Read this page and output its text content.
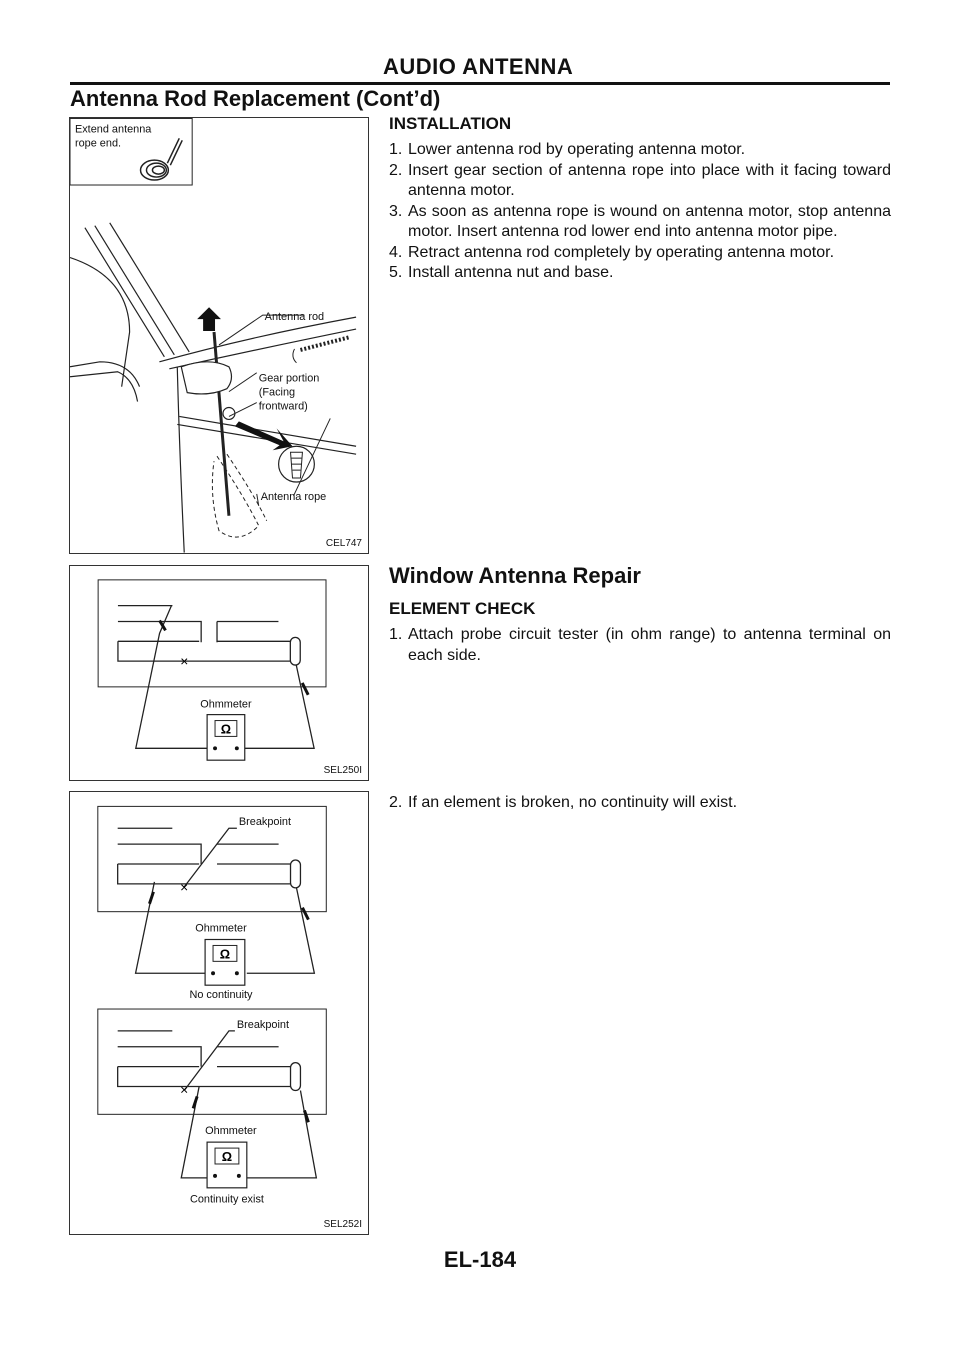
AUDIO ANTENNA
Antenna Rod Replacement (Cont’d)
Extend antenna
rope end.
Antenna rod
Gear portion
(Facing
frontward)
Antenna rope
CEL747
×
Ohmmeter
Ω
SEL250I
×
Breakpoint
Ohmmeter
Ω
No continuity
×
Breakpoint
Ohmmeter
Ω
Continuity exist
SEL252I
INSTALLATION
1. Lower antenna rod by operating antenna motor.
2. Insert gear section of antenna rope into place with it facing toward antenna motor.
3. As soon as antenna rope is wound on antenna motor, stop antenna motor. Insert antenna rod lower end into antenna motor pipe.
4. Retract antenna rod completely by operating antenna motor.
5. Install antenna nut and base.
Window Antenna Repair
ELEMENT CHECK
1. Attach probe circuit tester (in ohm range) to antenna terminal on each side.
2. If an element is broken, no continuity will exist.
EL-184
